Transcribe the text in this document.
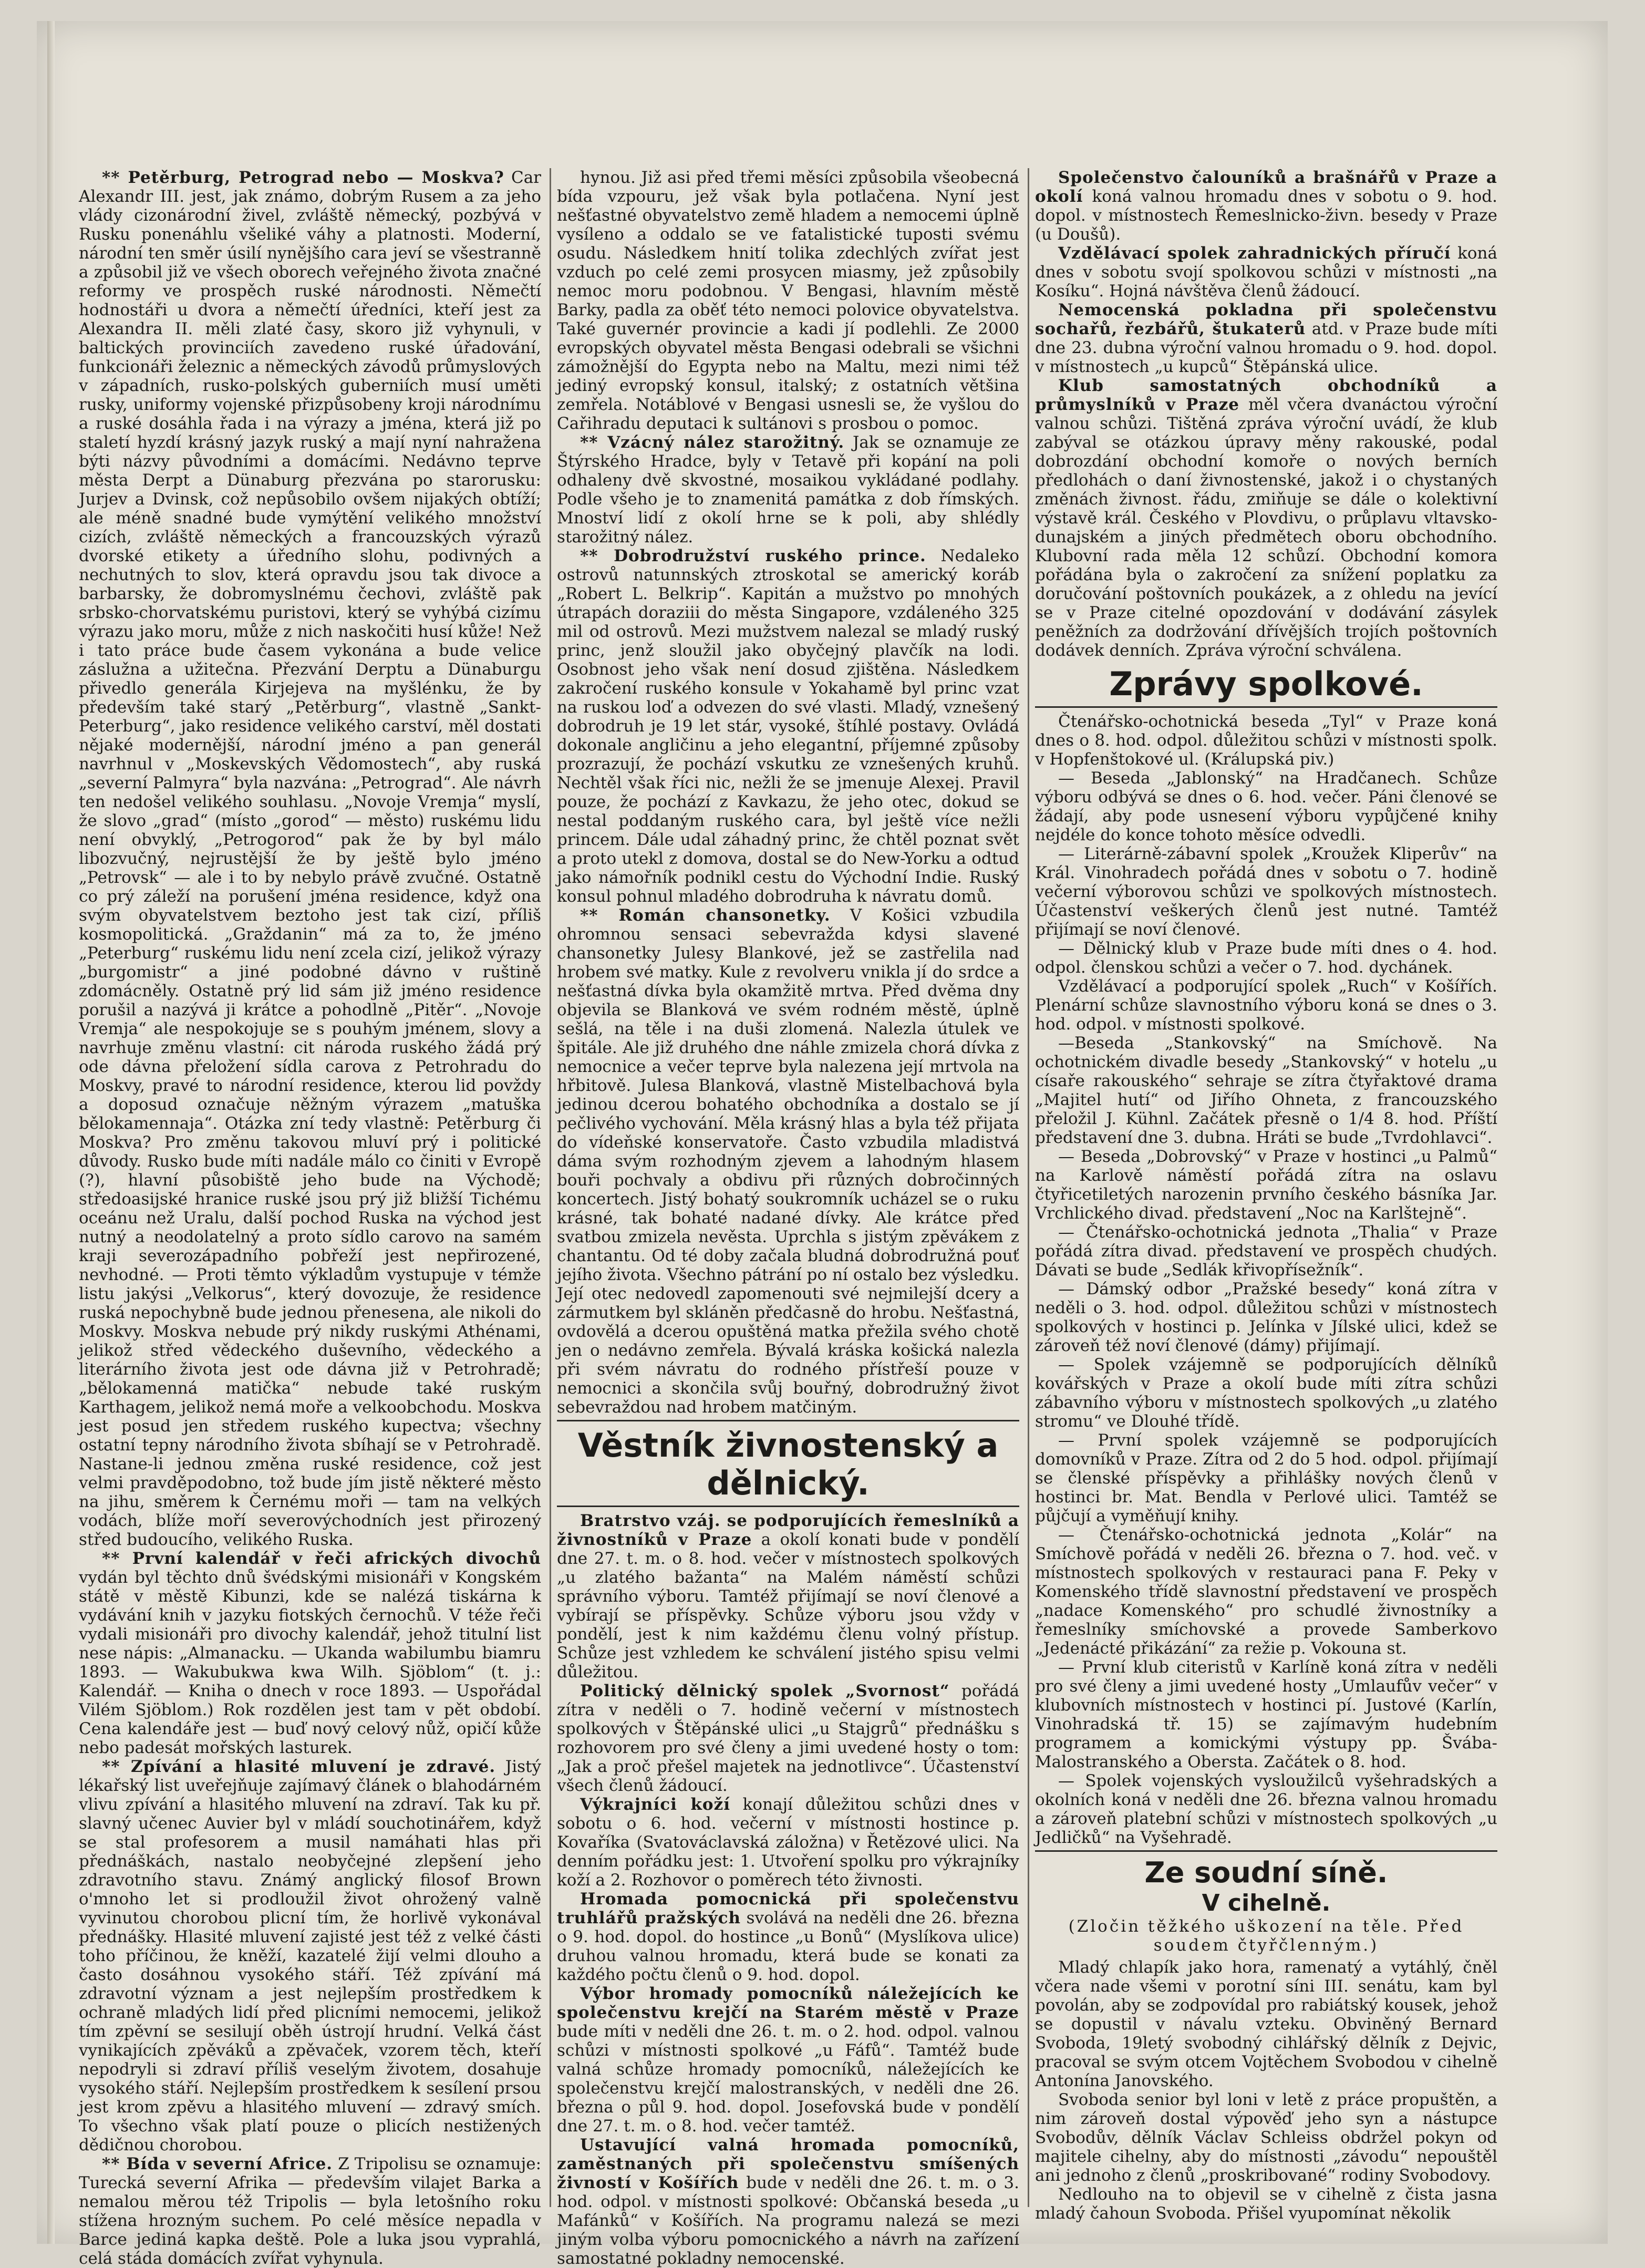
** Petěrburg, Petrograd nebo — Moskva? Car Alexandr III. jest, jak známo, dobrým Rusem a za jeho vlády cizonárodní živel, zvláště německý, pozbývá v Rusku ponenáhlu všeliké váhy a platnosti. Moderní, národní ten směr úsilí nynějšího cara jeví se všestranně a způsobil již ve všech oborech veřejného života značné reformy ve prospěch ruské národnosti. Němečtí hodnostáři u dvora a němečtí úředníci, kteří jest za Alexandra II. měli zlaté časy, skoro již vyhynuli, v baltických provinciích zavedeno ruské úřadování, funkcionáři železnic a německých závodů průmyslových v západních, rusko-polských guberniích musí uměti rusky, uniformy vojenské přizpůsobeny kroji národnímu a ruské dosáhla řada i na výrazy a jména, která již po staletí hyzdí krásný jazyk ruský a mají nyní nahražena býti názvy původními a domácími. Nedávno teprve města Derpt a Dünaburg přezvána po starorusku: Jurjev a Dvinsk, což nepůsobilo ovšem nijakých obtíží; ale méně snadné bude vymýtění velikého množství cizích, zvláště německých a francouzských výrazů dvorské etikety a úředního slohu, podivných a nechutných to slov, která opravdu jsou tak divoce a barbarsky, že dobromyslnému čechovi, zvláště pak srbsko-chorvatskému puristovi, který se vyhýbá cizímu výrazu jako moru, může z nich naskočiti husí kůže! Než i tato práce bude časem vykonána a bude velice záslužna a užitečna. Přezvání Derptu a Dünaburgu přivedlo generála Kirjejeva na myšlénku, že by především také starý „Petěrburg“, vlastně „Sankt-Peterburg“, jako residence velikého carství, měl dostati nějaké modernější, národní jméno a pan generál navrhnul v „Moskevských Vědomostech“, aby ruská „severní Palmyra“ byla nazvána: „Petrograd“. Ale návrh ten nedošel velikého souhlasu. „Novoje Vremja“ myslí, že slovo „grad“ (místo „gorod“ — město) ruskému lidu není obvyklý, „Petrogorod“ pak že by byl málo libozvučný, nejrustější že by ještě bylo jméno „Petrovsk“ — ale i to by nebylo právě zvučné. Ostatně co prý záleží na porušení jména residence, když ona svým obyvatelstvem beztoho jest tak cizí, příliš kosmopolitická. „Graždanin“ má za to, že jméno „Peterburg“ ruskému lidu není zcela cizí, jelikož výrazy „burgomistr“ a jiné podobné dávno v ruštině zdomácněly. Ostatně prý lid sám již jméno residence porušil a nazývá ji krátce a pohodlně „Pitěr“. „Novoje Vremja“ ale nespokojuje se s pouhým jménem, slovy a navrhuje změnu vlastní: cit národa ruského žádá prý ode dávna přeložení sídla carova z Petrohradu do Moskvy, pravé to národní residence, kterou lid povždy a doposud označuje něžným výrazem „matuška bělokamennaja“. Otázka zní tedy vlastně: Petěrburg či Moskva? Pro změnu takovou mluví prý i politické důvody. Rusko bude míti nadále málo co činiti v Evropě (?), hlavní působiště jeho bude na Východě; středoasijské hranice ruské jsou prý již bližší Tichému oceánu než Uralu, další pochod Ruska na východ jest nutný a neodolatelný a proto sídlo carovo na samém kraji severozápadního pobřeží jest nepřirozené, nevhodné. — Proti těmto výkladům vystupuje v témže listu jakýsi „Velkorus“, který dovozuje, že residence ruská nepochybně bude jednou přenesena, ale nikoli do Moskvy. Moskva nebude prý nikdy ruskými Athénami, jelikož střed vědeckého duševního, vědeckého a literárního života jest ode dávna již v Petrohradě; „bělokamenná matička“ nebude také ruským Karthagem, jelikož nemá moře a velkoobchodu. Moskva jest posud jen středem ruského kupectva; všechny ostatní tepny národního života sbíhají se v Petrohradě. Nastane-li jednou změna ruské residence, což jest velmi pravděpodobno, tož bude jím jistě některé město na jihu, směrem k Černému moři — tam na velkých vodách, blíže moří severovýchodních jest přirozený střed budoucího, velikého Ruska.

** První kalendář v řeči afrických divochů vydán byl těchto dnů švédskými misionáři v Kongském státě v městě Kibunzi, kde se nalézá tiskárna k vydávání knih v jazyku fiotských černochů. V téže řeči vydali misionáři pro divochy kalendář, jehož titulní list nese nápis: „Almanacku. — Ukanda wabilumbu biamru 1893. — Wakubukwa kwa Wilh. Sjöblom“ (t. j.: Kalendář. — Kniha o dnech v roce 1893. — Uspořádal Vilém Sjöblom.) Rok rozdělen jest tam v pět období. Cena kalendáře jest — buď nový celový nůž, opičí kůže nebo padesát mořských lasturek.

** Zpívání a hlasité mluvení je zdravé. Jistý lékařský list uveřejňuje zajímavý článek o blahodárném vlivu zpívání a hlasitého mluvení na zdraví. Tak ku př. slavný učenec Auvier byl v mládí souchotinářem, když se stal profesorem a musil namáhati hlas při přednáškách, nastalo neobyčejné zlepšení jeho zdravotního stavu. Známý anglický filosof Brown o'mnoho let si prodloužil život ohrožený valně vyvinutou chorobou plicní tím, že horlivě vykonával přednášky. Hlasité mluvení zajisté jest též z velké části toho příčinou, že kněží, kazatelé žijí velmi dlouho a často dosáhnou vysokého stáří. Též zpívání má zdravotní význam a jest nejlepším prostředkem k ochraně mladých lidí před plicními nemocemi, jelikož tím zpěvní se sesilují oběh ústrojí hrudní. Velká část vynikajících zpěváků a zpěvaček, vzorem těch, kteří nepodryli si zdraví příliš veselým životem, dosahuje vysokého stáří. Nejlepším prostředkem k sesílení prsou jest krom zpěvu a hlasitého mluvení — zdravý smích. To všechno však platí pouze o plicích nestižených dědičnou chorobou.

** Bída v severní Africe. Z Tripolisu se oznamuje: Turecká severní Afrika — především vilajet Barka a nemalou měrou též Tripolis — byla letošního roku stížena hrozným suchem. Po celé měsíce nepadla v Barce jediná kapka deště. Pole a luka jsou vyprahlá, celá stáda domácích zvířat vyhynula.

hynou. Již asi před třemi měsíci způsobila všeobecná bída vzpouru, jež však byla potlačena. Nyní jest nešťastné obyvatelstvo země hladem a nemocemi úplně vysíleno a oddalo se ve fatalistické tuposti svému osudu. Následkem hnití tolika zdechlých zvířat jest vzduch po celé zemi prosycen miasmy, jež způsobily nemoc moru podobnou. V Bengasi, hlavním městě Barky, padla za oběť této nemoci polovice obyvatelstva. Také guvernér provincie a kadi jí podlehli. Ze 2000 evropských obyvatel města Bengasi odebrali se všichni zámožnější do Egypta nebo na Maltu, mezi nimi též jediný evropský konsul, italský; z ostatních většina zemřela. Notáblové v Bengasi usnesli se, že vyšlou do Cařihradu deputaci k sultánovi s prosbou o pomoc.

** Vzácný nález starožitný. Jak se oznamuje ze Štýrského Hradce, byly v Tetavě při kopání na poli odhaleny dvě skvostné, mosaikou vykládané podlahy. Podle všeho je to znamenitá památka z dob římských. Mnoství lidí z okolí hrne se k poli, aby shlédly starožitný nález.

** Dobrodružství ruského prince. Nedaleko ostrovů natunnských ztroskotal se americký koráb „Robert L. Belkrip“. Kapitán a mužstvo po mnohých útrapách doraziii do města Singapore, vzdáleného 325 mil od ostrovů. Mezi mužstvem nalezal se mladý ruský princ, jenž sloužil jako obyčejný plavčík na lodi. Osobnost jeho však není dosud zjištěna. Následkem zakročení ruského konsule v Yokahamě byl princ vzat na ruskou loď a odvezen do své vlasti. Mladý, vznešený dobrodruh je 19 let stár, vysoké, štíhlé postavy. Ovládá dokonale angličinu a jeho elegantní, příjemné způsoby prozrazují, že pochází vskutku ze vznešených kruhů. Nechtěl však říci nic, nežli že se jmenuje Alexej. Pravil pouze, že pochází z Kavkazu, že jeho otec, dokud se nestal poddaným ruského cara, byl ještě více nežli princem. Dále udal záhadný princ, že chtěl poznat svět a proto utekl z domova, dostal se do New-Yorku a odtud jako námořník podnikl cestu do Východní Indie. Ruský konsul pohnul mladého dobrodruha k návratu domů.

** Román chansonetky. V Košici vzbudila ohromnou sensaci sebevražda kdysi slavené chansonetky Julesy Blankové, jež se zastřelila nad hrobem své matky. Kule z revolveru vnikla jí do srdce a nešťastná dívka byla okamžitě mrtva. Před dvěma dny objevila se Blanková ve svém rodném městě, úplně sešlá, na těle i na duši zlomená. Nalezla útulek ve špitále. Ale již druhého dne náhle zmizela chorá dívka z nemocnice a večer teprve byla nalezena její mrtvola na hřbitově. Julesa Blanková, vlastně Mistelbachová byla jedinou dcerou bohatého obchodníka a dostalo se jí pečlivého vychování. Měla krásný hlas a byla též přijata do vídeňské konservatoře. Často vzbudila mladistvá dáma svým rozhodným zjevem a lahodným hlasem bouři pochvaly a obdivu při různých dobročinných koncertech. Jistý bohatý soukromník ucházel se o ruku krásné, tak bohaté nadané dívky. Ale krátce před svatbou zmizela nevěsta. Uprchla s jistým zpěvákem z chantantu. Od té doby začala bludná dobrodružná pouť jejího života. Všechno pátrání po ní ostalo bez výsledku. Její otec nedovedl zapomenouti své nejmilejší dcery a zármutkem byl skláněn předčasně do hrobu. Nešťastná, ovdovělá a dcerou opuštěná matka přežila svého chotě jen o nedávno zemřela. Bývalá kráska košická nalezla při svém návratu do rodného přístřeší pouze v nemocnici a skončila svůj bouřný, dobrodružný život sebevraždou nad hrobem matčiným.

Věstník živnostenský a dělnický.

Bratrstvo vzáj. se podporujících řemeslníků a živnostníků v Praze a okolí konati bude v pondělí dne 27. t. m. o 8. hod. večer v místnostech spolkových „u zlatého bažanta“ na Malém náměstí schůzi správního výboru. Tamtéž přijímají se noví členové a vybírají se příspěvky. Schůze výboru jsou vždy v pondělí, jest k nim každému členu volný přístup. Schůze jest vzhledem ke schválení jistého spisu velmi důležitou.

Politický dělnický spolek „Svornost“ pořádá zítra v neděli o 7. hodině večerní v místnostech spolkových v Štěpánské ulici „u Stajgrů“ přednášku s rozhovorem pro své členy a jimi uvedené hosty o tom: „Jak a proč přešel majetek na jednotlivce“. Účastenství všech členů žádoucí.

Výkrajníci koží konají důležitou schůzi dnes v sobotu o 6. hod. večerní v místnosti hostince p. Kovaříka (Svatováclavská záložna) v Řetězové ulici. Na denním pořádku jest: 1. Utvoření spolku pro výkrajníky koží a 2. Rozhovor o poměrech této živnosti.

Hromada pomocnická při společenstvu truhlářů pražských svolává na neděli dne 26. března o 9. hod. dopol. do hostince „u Bonů“ (Myslíkova ulice) druhou valnou hromadu, která bude se konati za každého počtu členů o 9. hod. dopol.

Výbor hromady pomocníků náležejících ke společenstvu krejčí na Starém městě v Praze bude míti v neděli dne 26. t. m. o 2. hod. odpol. valnou schůzi v místnosti spolkové „u Fáfů“. Tamtéž bude valná schůze hromady pomocníků, náležejících ke společenstvu krejčí malostranských, v neděli dne 26. března o půl 9. hod. dopol. Josefovská bude v pondělí dne 27. t. m. o 8. hod. večer tamtéž.

Ustavující valná hromada pomocníků, zaměstnaných při společenstvu smíšených živností v Košířích bude v neděli dne 26. t. m. o 3. hod. odpol. v místnosti spolkové: Občanská beseda „u Mafánků“ v Košířích. Na programu nalezá se mezi jiným volba výboru pomocnického a návrh na zařízení samostatné pokladny nemocenské.

Společenstvo čalouníků a brašnářů v Praze a okolí koná valnou hromadu dnes v sobotu o 9. hod. dopol. v místnostech Řemeslnicko-živn. besedy v Praze (u Doušů).

Vzdělávací spolek zahradnických příručí koná dnes v sobotu svojí spolkovou schůzi v místnosti „na Kosíku“. Hojná návštěva členů žádoucí.

Nemocenská pokladna při společenstvu sochařů, řezbářů, štukaterů atd. v Praze bude míti dne 23. dubna výroční valnou hromadu o 9. hod. dopol. v místnostech „u kupců“ Štěpánská ulice.

Klub samostatných obchodníků a průmyslníků v Praze měl včera dvanáctou výroční valnou schůzi. Tištěná zpráva výroční uvádí, že klub zabýval se otázkou úpravy měny rakouské, podal dobrozdání obchodní komoře o nových berních předlohách o daní živnostenské, jakož i o chystaných změnách živnost. řádu, zmiňuje se dále o kolektivní výstavě král. Českého v Plovdivu, o průplavu vltavsko-dunajském a jiných předmětech oboru obchodního. Klubovní rada měla 12 schůzí. Obchodní komora pořádána byla o zakročení za snížení poplatku za doručování poštovních poukázek, a z ohledu na jevící se v Praze citelné opozdování v dodávání zásylek peněžních za dodržování dřívějších trojích poštovních dodávek denních. Zpráva výroční schválena.

Zprávy spolkové.

Čtenářsko-ochotnická beseda „Tyl“ v Praze koná dnes o 8. hod. odpol. důležitou schůzi v místnosti spolk. v Hopfenštokové ul. (Králupská piv.)

— Beseda „Jablonský“ na Hradčanech. Schůze výboru odbývá se dnes o 6. hod. večer. Páni členové se žádají, aby pode usnesení výboru vypůjčené knihy nejdéle do konce tohoto měsíce odvedli.

— Literárně-zábavní spolek „Kroužek Kliperův“ na Král. Vinohradech pořádá dnes v sobotu o 7. hodině večerní výborovou schůzi ve spolkových místnostech. Účastenství veškerých členů jest nutné. Tamtéž přijímají se noví členové.

— Dělnický klub v Praze bude míti dnes o 4. hod. odpol. členskou schůzi a večer o 7. hod. dychánek.

Vzdělávací a podporující spolek „Ruch“ v Košířích. Plenární schůze slavnostního výboru koná se dnes o 3. hod. odpol. v místnosti spolkové.

—Beseda „Stankovský“ na Smíchově. Na ochotnickém divadle besedy „Stankovský“ v hotelu „u císaře rakouského“ sehraje se zítra čtyřaktové drama „Majitel hutí“ od Jiřího Ohneta, z francouzského přeložil J. Kühnl. Začátek přesně o 1/4 8. hod. Příští představení dne 3. dubna. Hráti se bude „Tvrdohlavci“.

— Beseda „Dobrovský“ v Praze v hostinci „u Palmů“ na Karlově náměstí pořádá zítra na oslavu čtyřicetiletých narozenin prvního českého básníka Jar. Vrchlického divad. představení „Noc na Karlštejně“.

— Čtenářsko-ochotnická jednota „Thalia“ v Praze pořádá zítra divad. představení ve prospěch chudých. Dávati se bude „Sedlák křivopřísežník“.

— Dámský odbor „Pražské besedy“ koná zítra v neděli o 3. hod. odpol. důležitou schůzi v místnostech spolkových v hostinci p. Jelínka v Jílské ulici, kdež se zároveň též noví členové (dámy) přijímají.

— Spolek vzájemně se podporujících dělníků kovářských v Praze a okolí bude míti zítra schůzi zábavního výboru v místnostech spolkových „u zlatého stromu“ ve Dlouhé třídě.

— První spolek vzájemně se podporujících domovníků v Praze. Zítra od 2 do 5 hod. odpol. přijímají se členské příspěvky a přihlášky nových členů v hostinci br. Mat. Bendla v Perlové ulici. Tamtéž se půjčují a vyměňují knihy.

— Čtenářsko-ochotnická jednota „Kolár“ na Smíchově pořádá v neděli 26. března o 7. hod. več. v místnostech spolkových v restauraci pana F. Peky v Komenského třídě slavnostní představení ve prospěch „nadace Komenského“ pro schudlé živnostníky a řemeslníky smíchovské a provede Samberkovo „Jedenácté přikázání“ za režie p. Vokouna st.

— První klub citeristů v Karlíně koná zítra v neděli pro své členy a jimi uvedené hosty „Umlaufův večer“ v klubovních místnostech v hostinci pí. Justové (Karlín, Vinohradská tř. 15) se zajímavým hudebním programem a komickými výstupy pp. Švába-Malostranského a Obersta. Začátek o 8. hod.

— Spolek vojenských vysloužilců vyšehradských a okolních koná v neděli dne 26. března valnou hromadu a zároveň platební schůzi v místnostech spolkových „u Jedličků“ na Vyšehradě.

Ze soudní síně.
V cihelně.
(Zločin těžkého uškození na těle. Před soudem čtyřčlenným.)

Mladý chlapík jako hora, ramenatý a vytáhlý, čněl včera nade všemi v porotní síni III. senátu, kam byl povolán, aby se zodpovídal pro rabiátský kousek, jehož se dopustil v návalu vzteku. Obviněný Bernard Svoboda, 19letý svobodný cihlářský dělník z Dejvic, pracoval se svým otcem Vojtěchem Svobodou v cihelně Antonína Janovského.

Svoboda senior byl loni v letě z práce propuštěn, a nim zároveň dostal výpověď jeho syn a nástupce Svobodův, dělník Václav Schleiss obdržel pokyn od majitele cihelny, aby do místnosti „závodu“ nepouštěl ani jednoho z členů „proskribované“ rodiny Svobodovy.

Nedlouho na to objevil se v cihelně z čista jasna mladý čahoun Svoboda. Přišel vyupomínat několik
